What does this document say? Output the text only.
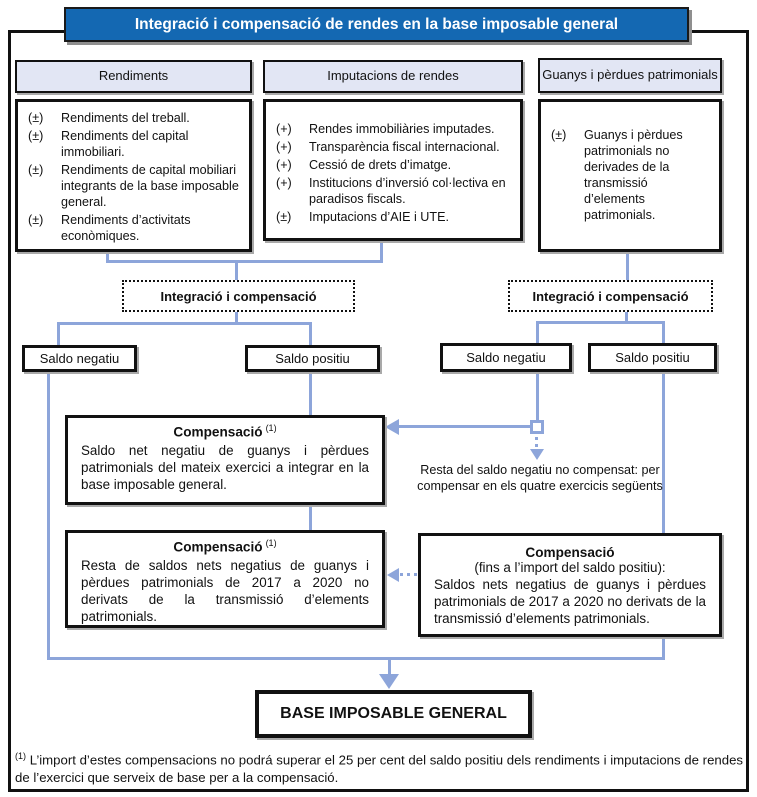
Integració i compensació de rendes en la base imposable general
Rendiments	Imputacions de rendes	Guanys i pèrdues patrimonials
(±)	Rendiments del treball.
(±)	Rendiments del capital immobiliari.
(±)	Rendiments de capital mobiliari integrants de la base imposable general.
(±)	Rendiments d’activitats econòmiques.
(+)	Rendes immobiliàries imputades.
(+)	Transparència fiscal internacional.
(+)	Cessió de drets d’imatge.
(+)	Institucions d’inversió col·lectiva en paradisos fiscals.
(±)	Imputacions d’AIE i UTE.
(±)	Guanys i pèrdues patrimonials no derivades de la transmissió d’elements patrimonials.
Integració i compensació	Integració i compensació
Saldo negatiu	Saldo positiu	Saldo negatiu	Saldo positiu
Resta del saldo negatiu no compensat: per compensar en els quatre exercicis següents
Compensació $^{(1)}$
Saldo net negatiu de guanys i pèrdues patrimonials del mateix exercici a integrar en la base imposable general.
Compensació $^{(1)}$
Resta de saldos nets negatius de guanys i pèrdues patrimonials de 2017 a 2020 no derivats de la transmissió d’elements patrimonials.
Compensació
(fins a l’import del saldo positiu):
Saldos nets negatius de guanys i pèrdues patrimonials de 2017 a 2020 no derivats de la transmissió d’elements patrimonials.
BASE IMPOSABLE GENERAL
$^{(1)}$ L’import d’estes compensacions no podrá superar el 25 per cent del saldo positiu dels rendiments i imputacions de rendes de l’exercici que serveix de base per a la compensació.
